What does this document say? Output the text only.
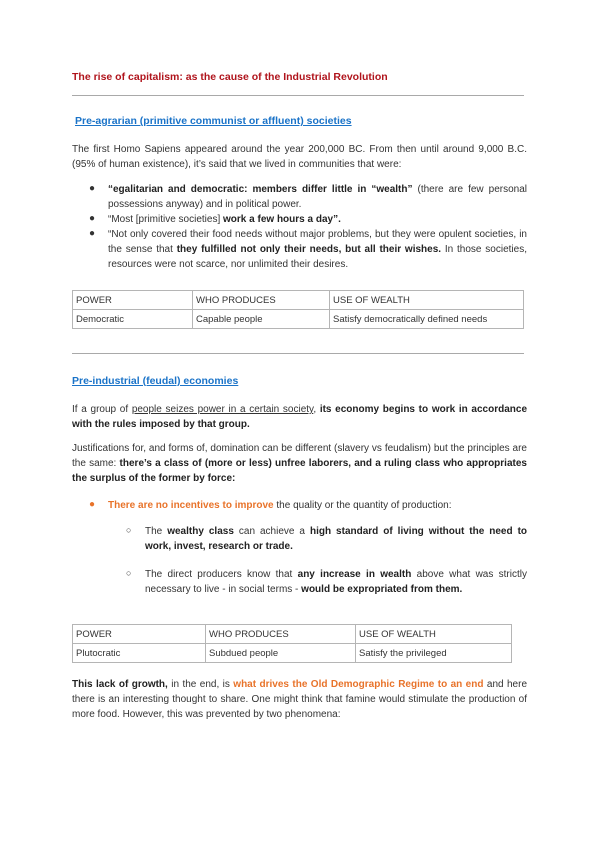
The rise of capitalism: as the cause of the Industrial Revolution
Pre-agrarian (primitive communist or affluent) societies

The first Homo Sapiens appeared around the year 200,000 BC. From then until around 9,000 B.C. (95% of human existence), it’s said that we lived in communities that were:

● “egalitarian and democratic: members differ little in “wealth” (there are few personal possessions anyway) and in political power.

● “Most [primitive societies] work a few hours a day”.

● “Not only covered their food needs without major problems, but they were opulent societies, in the sense that they fulfilled not only their needs, but all their wishes. In those societies, resources were not scarce, nor unlimited their desires.

POWER	WHO PRODUCES	USE OF WEALTH
Democratic	Capable people	Satisfy democratically defined needs
Pre-industrial (feudal) economies

If a group of people seizes power in a certain society, its economy begins to work in accordance with the rules imposed by that group.

Justifications for, and forms of, domination can be different (slavery vs feudalism) but the principles are the same: there’s a class of (more or less) unfree laborers, and a ruling class who appropriates the surplus of the former by force:

● There are no incentives to improve the quality or the quantity of production:

○ The wealthy class can achieve a high standard of living without the need to work, invest, research or trade.

○ The direct producers know that any increase in wealth above what was strictly necessary to live - in social terms - would be expropriated from them.

POWER	WHO PRODUCES	USE OF WEALTH
Plutocratic	Subdued people	Satisfy the privileged

This lack of growth, in the end, is what drives the Old Demographic Regime to an end and here there is an interesting thought to share. One might think that famine would stimulate the production of more food. However, this was prevented by two phenomena:
